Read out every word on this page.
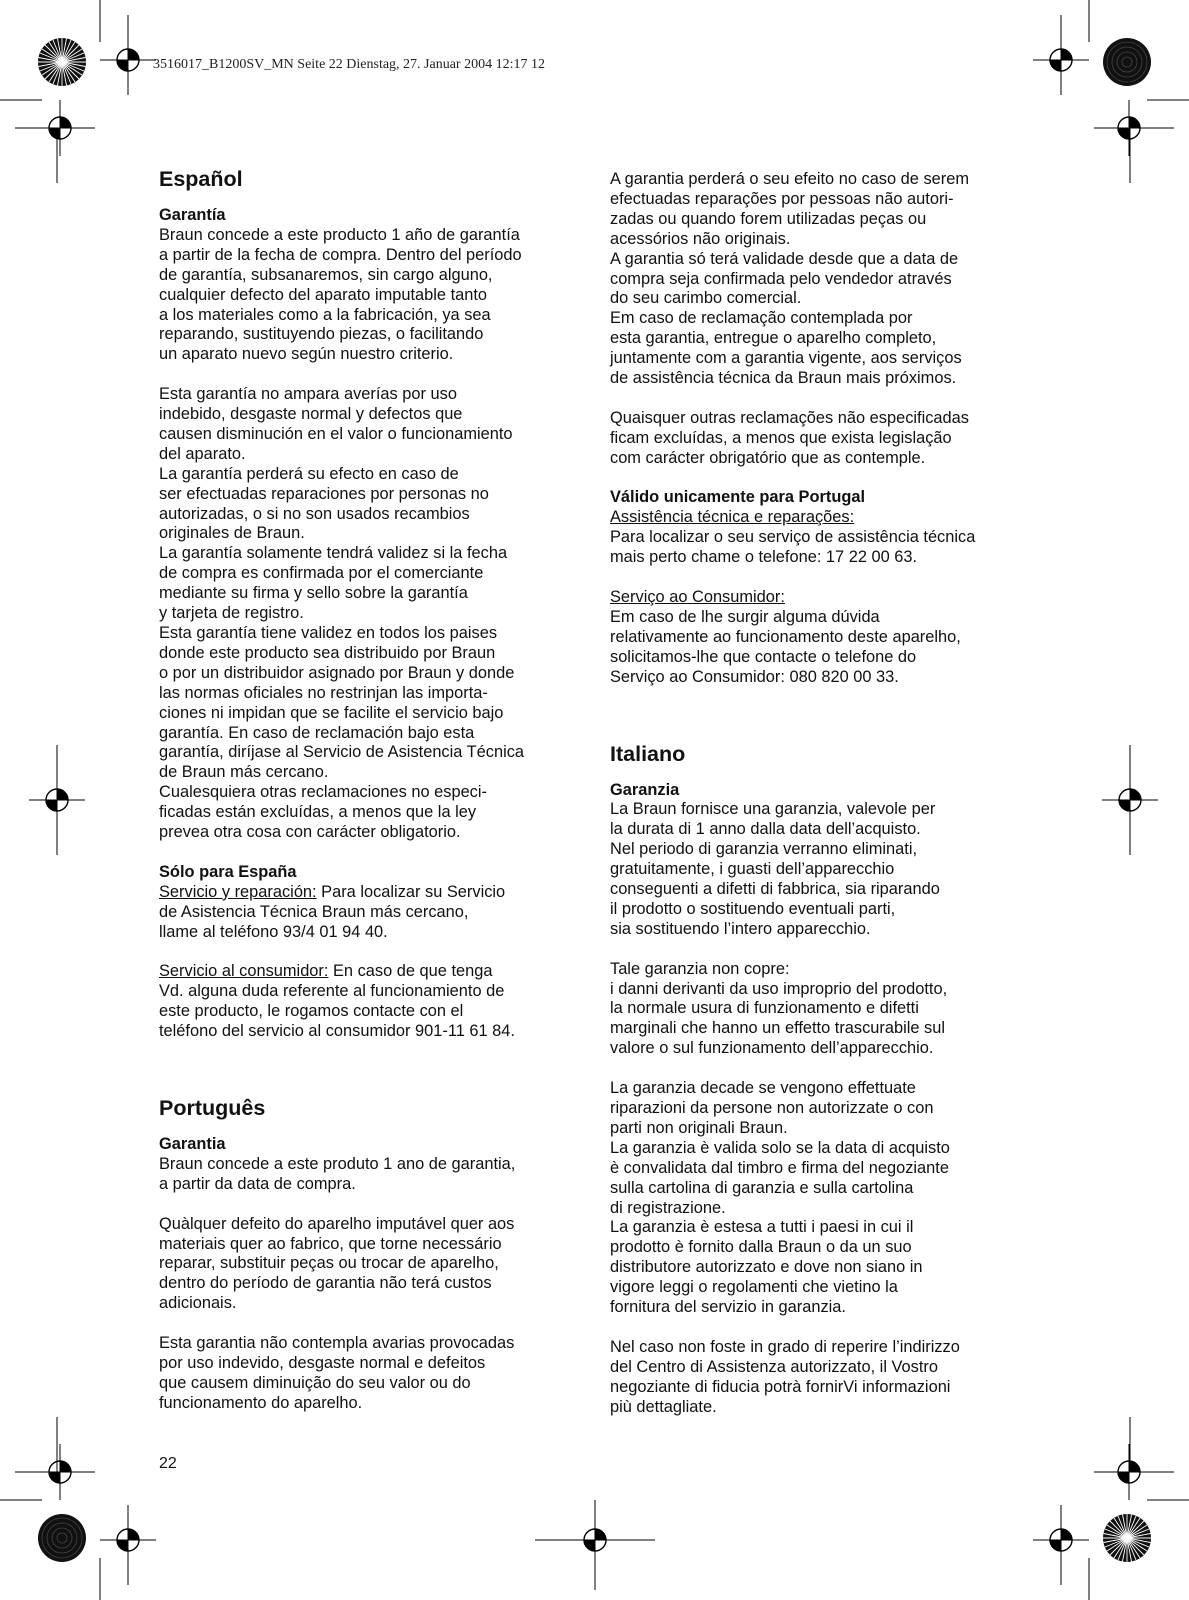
3516017_B1200SV_MN Seite 22 Dienstag, 27. Januar 2004 12:17 12
Español
Garantía
Braun concede a este producto 1 año de garantía
a partir de la fecha de compra. Dentro del período
de garantía, subsanaremos, sin cargo alguno,
cualquier defecto del aparato imputable tanto
a los materiales como a la fabricación, ya sea
reparando, sustituyendo piezas, o facilitando
un aparato nuevo según nuestro criterio.
Esta garantía no ampara averías por uso
indebido, desgaste normal y defectos que
causen disminución en el valor o funcionamiento
del aparato.
La garantía perderá su efecto en caso de
ser efectuadas reparaciones por personas no
autorizadas, o si no son usados recambios
originales de Braun.
La garantía solamente tendrá validez si la fecha
de compra es confirmada por el comerciante
mediante su firma y sello sobre la garantía
y tarjeta de registro.
Esta garantía tiene validez en todos los paises
donde este producto sea distribuido por Braun
o por un distribuidor asignado por Braun y donde
las normas oficiales no restrinjan las importa-
ciones ni impidan que se facilite el servicio bajo
garantía. En caso de reclamación bajo esta
garantía, diríjase al Servicio de Asistencia Técnica
de Braun más cercano.
Cualesquiera otras reclamaciones no especi-
ficadas están excluídas, a menos que la ley
prevea otra cosa con carácter obligatorio.
Sólo para España
Servicio y reparación: Para localizar su Servicio
de Asistencia Técnica Braun más cercano,
llame al teléfono 93/4 01 94 40.
Servicio al consumidor: En caso de que tenga
Vd. alguna duda referente al funcionamiento de
este producto, le rogamos contacte con el
teléfono del servicio al consumidor 901-11 61 84.
Português
Garantia
Braun concede a este produto 1 ano de garantia,
a partir da data de compra.
Quàlquer defeito do aparelho imputável quer aos
materiais quer ao fabrico, que torne necessário
reparar, substituir peças ou trocar de aparelho,
dentro do período de garantia não terá custos
adicionais.
Esta garantia não contempla avarias provocadas
por uso indevido, desgaste normal e defeitos
que causem diminuição do seu valor ou do
funcionamento do aparelho.
A garantia perderá o seu efeito no caso de serem
efectuadas reparações por pessoas não autori-
zadas ou quando forem utilizadas peças ou
acessórios não originais.
A garantia só terá validade desde que a data de
compra seja confirmada pelo vendedor através
do seu carimbo comercial.
Em caso de reclamação contemplada por
esta garantia, entregue o aparelho completo,
juntamente com a garantia vigente, aos serviços
de assistência técnica da Braun mais próximos.
Quaisquer outras reclamações não especificadas
ficam excluídas, a menos que exista legislação
com carácter obrigatório que as contemple.
Válido unicamente para Portugal
Assistência técnica e reparações:
Para localizar o seu serviço de assistência técnica
mais perto chame o telefone: 17 22 00 63.
Serviço ao Consumidor:
Em caso de lhe surgir alguma dúvida
relativamente ao funcionamento deste aparelho,
solicitamos-lhe que contacte o telefone do
Serviço ao Consumidor: 080 820 00 33.
Italiano
Garanzia
La Braun fornisce una garanzia, valevole per
la durata di 1 anno dalla data dell’acquisto.
Nel periodo di garanzia verranno eliminati,
gratuitamente, i guasti dell’apparecchio
conseguenti a difetti di fabbrica, sia riparando
il prodotto o sostituendo eventuali parti,
sia sostituendo l’intero apparecchio.
Tale garanzia non copre:
i danni derivanti da uso improprio del prodotto,
la normale usura di funzionamento e difetti
marginali che hanno un effetto trascurabile sul
valore o sul funzionamento dell’apparecchio.
La garanzia decade se vengono effettuate
riparazioni da persone non autorizzate o con
parti non originali Braun.
La garanzia è valida solo se la data di acquisto
è convalidata dal timbro e firma del negoziante
sulla cartolina di garanzia e sulla cartolina
di registrazione.
La garanzia è estesa a tutti i paesi in cui il
prodotto è fornito dalla Braun o da un suo
distributore autorizzato e dove non siano in
vigore leggi o regolamenti che vietino la
fornitura del servizio in garanzia.
Nel caso non foste in grado di reperire l’indirizzo
del Centro di Assistenza autorizzato, il Vostro
negoziante di fiducia potrà fornirVi informazioni
più dettagliate.
22
